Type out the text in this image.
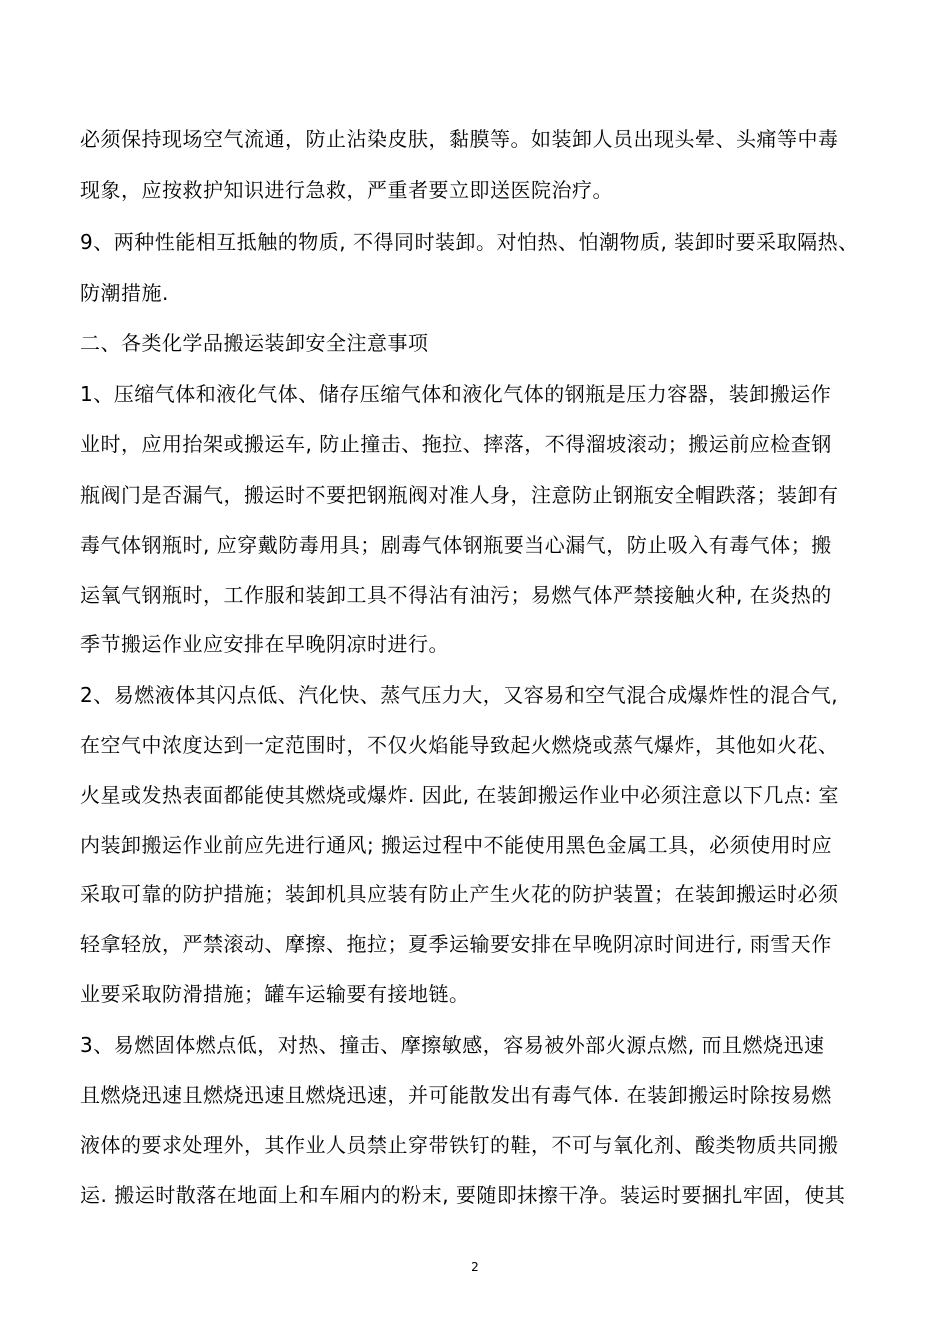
必须保持现场空气流通，防止沾染皮肤，黏膜等。如装卸人员出现头晕、头痛等中毒
现象，应按救护知识进行急救，严重者要立即送医院治疗。
9、两种性能相互抵触的物质, 不得同时装卸。对怕热、怕潮物质, 装卸时要采取隔热、
防潮措施.
二、各类化学品搬运装卸安全注意事项
1、压缩气体和液化气体、储存压缩气体和液化气体的钢瓶是压力容器，装卸搬运作
业时，应用抬架或搬运车, 防止撞击、拖拉、摔落，不得溜坡滚动；搬运前应检查钢
瓶阀门是否漏气，搬运时不要把钢瓶阀对准人身，注意防止钢瓶安全帽跌落；装卸有
毒气体钢瓶时, 应穿戴防毒用具；剧毒气体钢瓶要当心漏气，防止吸入有毒气体；搬
运氧气钢瓶时，工作服和装卸工具不得沾有油污；易燃气体严禁接触火种, 在炎热的
季节搬运作业应安排在早晚阴凉时进行。
2、易燃液体其闪点低、汽化快、蒸气压力大，又容易和空气混合成爆炸性的混合气,
在空气中浓度达到一定范围时，不仅火焰能导致起火燃烧或蒸气爆炸，其他如火花、
火星或发热表面都能使其燃烧或爆炸. 因此, 在装卸搬运作业中必须注意以下几点: 室
内装卸搬运作业前应先进行通风; 搬运过程中不能使用黑色金属工具，必须使用时应
采取可靠的防护措施；装卸机具应装有防止产生火花的防护装置；在装卸搬运时必须
轻拿轻放，严禁滚动、摩擦、拖拉；夏季运输要安排在早晚阴凉时间进行, 雨雪天作
业要采取防滑措施；罐车运输要有接地链。
3、易燃固体燃点低，对热、撞击、摩擦敏感，容易被外部火源点燃, 而且燃烧迅速
且燃烧迅速且燃烧迅速且燃烧迅速，并可能散发出有毒气体. 在装卸搬运时除按易燃
液体的要求处理外，其作业人员禁止穿带铁钉的鞋，不可与氧化剂、酸类物质共同搬
运. 搬运时散落在地面上和车厢内的粉末, 要随即抹擦干净。装运时要捆扎牢固，使其
2
